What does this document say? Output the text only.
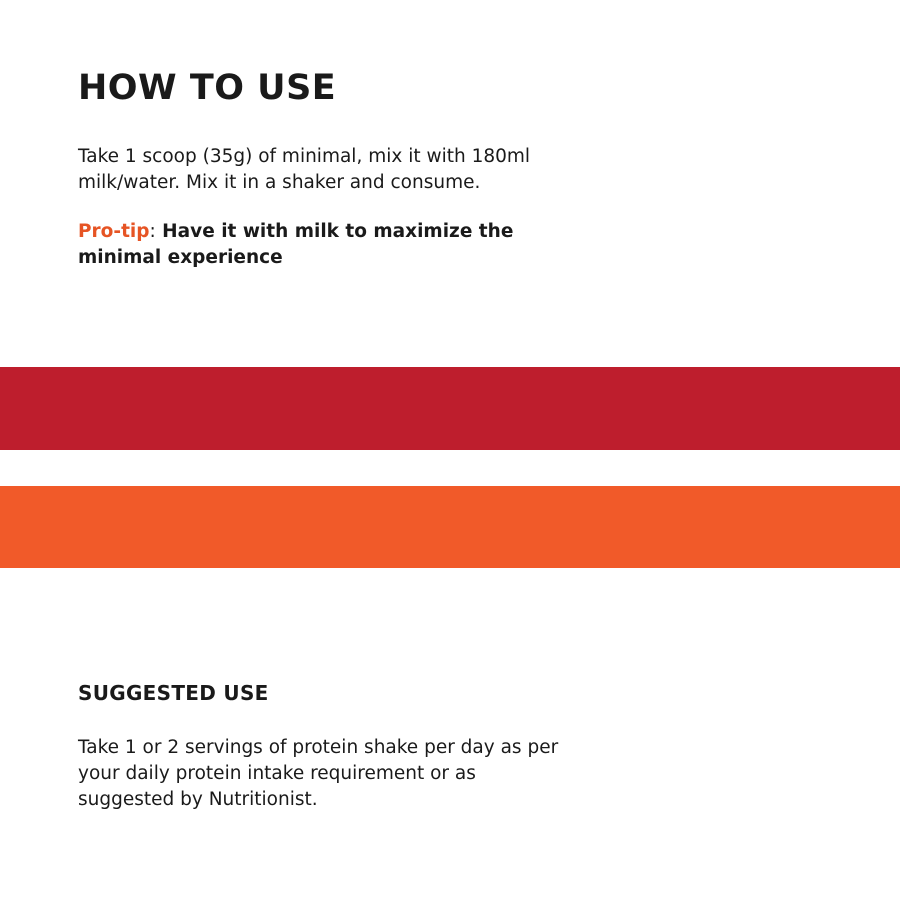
HOW TO USE

Take 1 scoop (35g) of minimal, mix it with 180ml
milk/water. Mix it in a shaker and consume.

Pro-tip: Have it with milk to maximize the
minimal experience

SUGGESTED USE

Take 1 or 2 servings of protein shake per day as per
your daily protein intake requirement or as
suggested by Nutritionist.
